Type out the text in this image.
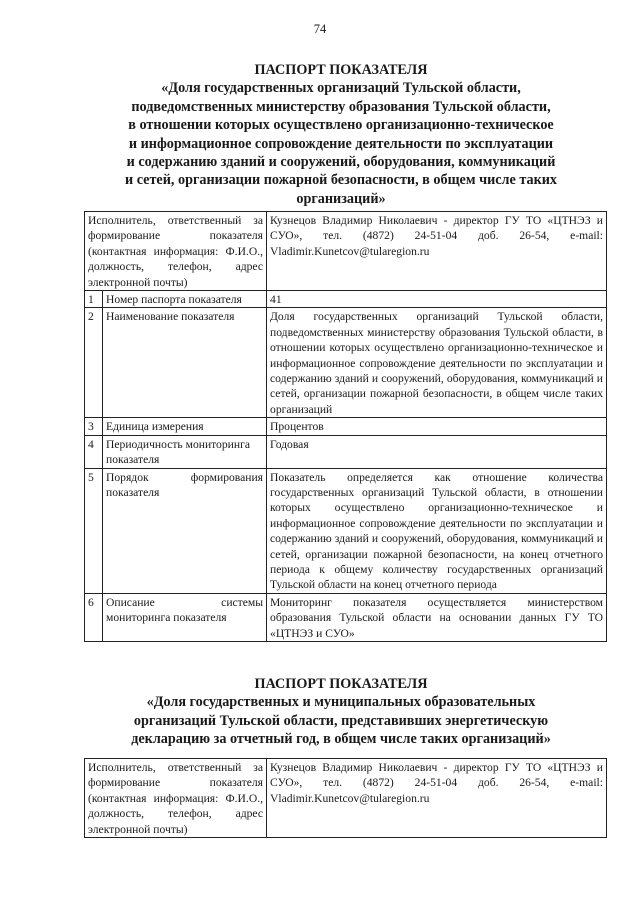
74
ПАСПОРТ ПОКАЗАТЕЛЯ
«Доля государственных организаций Тульской области,
подведомственных министерству образования Тульской области,
в отношении которых осуществлено организационно-техническое
и информационное сопровождение деятельности по эксплуатации
и содержанию зданий и сооружений, оборудования, коммуникаций
и сетей, организации пожарной безопасности, в общем числе таких
организаций»
Исполнитель, ответственный за формирование показателя (контактная информация: Ф.И.О., должность, телефон, адрес электронной почты)		Кузнецов Владимир Николаевич - директор ГУ ТО «ЦТНЭЗ и СУО», тел. (4872) 24-51-04 доб. 26-54, e-mail: Vladimir.Kunetcov@tularegion.ru
1	Номер паспорта показателя	41
2	Наименование показателя	Доля государственных организаций Тульской области, подведомственных министерству образования Тульской области, в отношении которых осуществлено организационно-техническое и информационное сопровождение деятельности по эксплуатации и содержанию зданий и сооружений, оборудования, коммуникаций и сетей, организации пожарной безопасности, в общем числе таких организаций
3	Единица измерения	Процентов
4	Периодичность мониторинга показателя	Годовая
5	Порядок формирования показателя	Показатель определяется как отношение количества государственных организаций Тульской области, в отношении которых осуществлено организационно-техническое и информационное сопровождение деятельности по эксплуатации и содержанию зданий и сооружений, оборудования, коммуникаций и сетей, организации пожарной безопасности, на конец отчетного периода к общему количеству государственных организаций Тульской области на конец отчетного периода
6	Описание системы мониторинга показателя	Мониторинг показателя осуществляется министерством образования Тульской области на основании данных ГУ ТО «ЦТНЭЗ и СУО»
ПАСПОРТ ПОКАЗАТЕЛЯ
«Доля государственных и муниципальных образовательных
организаций Тульской области, представивших энергетическую
декларацию за отчетный год, в общем числе таких организаций»
Исполнитель, ответственный за формирование показателя (контактная информация: Ф.И.О., должность, телефон, адрес электронной почты)	Кузнецов Владимир Николаевич - директор ГУ ТО «ЦТНЭЗ и СУО», тел. (4872) 24-51-04 доб. 26-54, e-mail: Vladimir.Kunetcov@tularegion.ru
